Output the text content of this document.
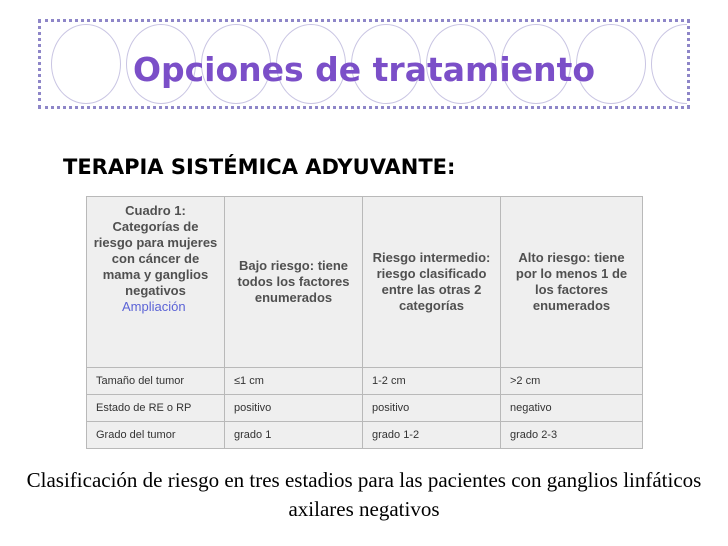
Opciones de tratamiento
TERAPIA SISTÉMICA ADYUVANTE:
Cuadro 1: Categorías de riesgo para mujeres con cáncer de mama y ganglios negativos
Ampliación	Bajo riesgo: tiene todos los factores enumerados	Riesgo intermedio: riesgo clasificado entre las otras 2 categorías	Alto riesgo: tiene por lo menos 1 de los factores enumerados
Tamaño del tumor	≤1 cm	1-2 cm	>2 cm
Estado de RE o RP	positivo	positivo	negativo
Grado del tumor	grado 1	grado 1-2	grado 2-3

Clasificación de riesgo en tres estadios para las pacientes con ganglios linfáticos axilares negativos
